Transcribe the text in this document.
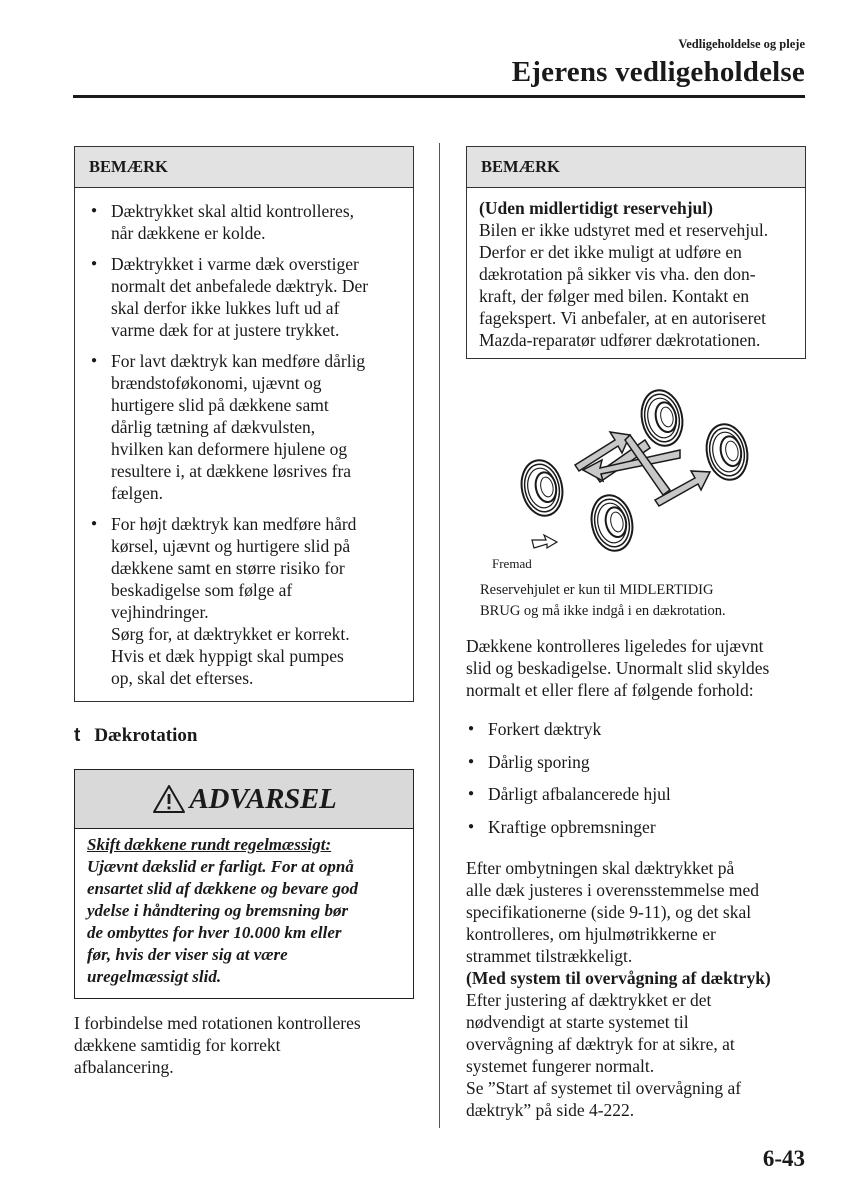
Vedligeholdelse og pleje
Ejerens vedligeholdelse
BEMÆRK
● Dæktrykket skal altid kontrolleres,
når dækkene er kolde.
● Dæktrykket i varme dæk overstiger
normalt det anbefalede dæktryk. Der
skal derfor ikke lukkes luft ud af
varme dæk for at justere trykket.
● For lavt dæktryk kan medføre dårlig
brændstoføkonomi, ujævnt og
hurtigere slid på dækkene samt
dårlig tætning af dækvulsten,
hvilken kan deformere hjulene og
resultere i, at dækkene løsrives fra
fælgen.
● For højt dæktryk kan medføre hård
kørsel, ujævnt og hurtigere slid på
dækkene samt en større risiko for
beskadigelse som følge af
vejhindringer.
Sørg for, at dæktrykket er korrekt.
Hvis et dæk hyppigt skal pumpes
op, skal det efterses.
t Dækrotation
ADVARSEL
Skift dækkene rundt regelmæssigt:
Ujævnt dækslid er farligt. For at opnå
ensartet slid af dækkene og bevare god
ydelse i håndtering og bremsning bør
de ombyttes for hver 10.000 km eller
før, hvis der viser sig at være
uregelmæssigt slid.
I forbindelse med rotationen kontrolleres
dækkene samtidig for korrekt
afbalancering.
BEMÆRK
(Uden midlertidigt reservehjul)
Bilen er ikke udstyret med et reservehjul.
Derfor er det ikke muligt at udføre en
dækrotation på sikker vis vha. den don-
kraft, der følger med bilen. Kontakt en
fagekspert. Vi anbefaler, at en autoriseret
Mazda-reparatør udfører dækrotationen.
Fremad
Reservehjulet er kun til MIDLERTIDIG
BRUG og må ikke indgå i en dækrotation.
Dækkene kontrolleres ligeledes for ujævnt
slid og beskadigelse. Unormalt slid skyldes
normalt et eller flere af følgende forhold:
● Forkert dæktryk
● Dårlig sporing
● Dårligt afbalancerede hjul
● Kraftige opbremsninger
Efter ombytningen skal dæktrykket på
alle dæk justeres i overensstemmelse med
specifikationerne (side 9-11), og det skal
kontrolleres, om hjulmøtrikkerne er
strammet tilstrækkeligt.
(Med system til overvågning af dæktryk)
Efter justering af dæktrykket er det
nødvendigt at starte systemet til
overvågning af dæktryk for at sikre, at
systemet fungerer normalt.
Se ”Start af systemet til overvågning af
dæktryk” på side 4-222.
6-43
